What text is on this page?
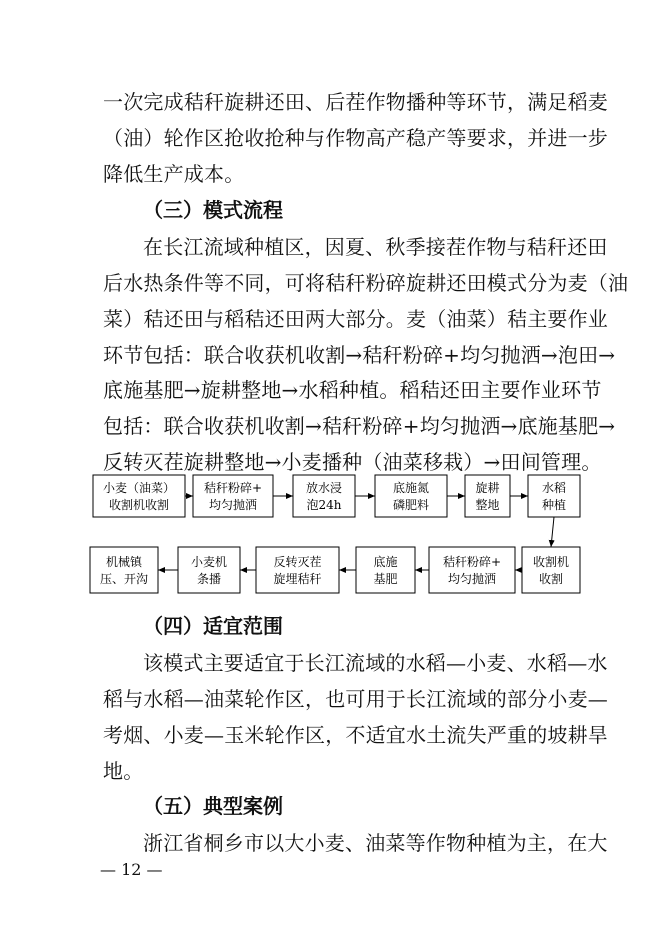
一次完成秸秆旋耕还田、后茬作物播种等环节，满足稻麦
（油）轮作区抢收抢种与作物高产稳产等要求，并进一步
降低生产成本。
（三）模式流程
在长江流域种植区，因夏、秋季接茬作物与秸秆还田
后水热条件等不同，可将秸秆粉碎旋耕还田模式分为麦（油
菜）秸还田与稻秸还田两大部分。麦（油菜）秸主要作业
环节包括：联合收获机收割→秸秆粉碎+均匀抛洒→泡田→
底施基肥→旋耕整地→水稻种植。稻秸还田主要作业环节
包括：联合收获机收割→秸秆粉碎+均匀抛洒→底施基肥→
反转灭茬旋耕整地→小麦播种（油菜移栽）→田间管理。
小麦（油菜）
收割机收割
秸秆粉碎+
均匀抛洒
放水浸
泡24h
底施氮
磷肥料
旋耕
整地
水稻
种植
机械镇
压、开沟
小麦机
条播
反转灭茬
旋埋秸秆
底施
基肥
秸秆粉碎+
均匀抛洒
收割机
收割
（四）适宜范围
该模式主要适宜于长江流域的水稻—小麦、水稻—水
稻与水稻—油菜轮作区，也可用于长江流域的部分小麦—
考烟、小麦—玉米轮作区，不适宜水土流失严重的坡耕旱
地。
（五）典型案例
浙江省桐乡市以大小麦、油菜等作物种植为主，在大
— 12 —
